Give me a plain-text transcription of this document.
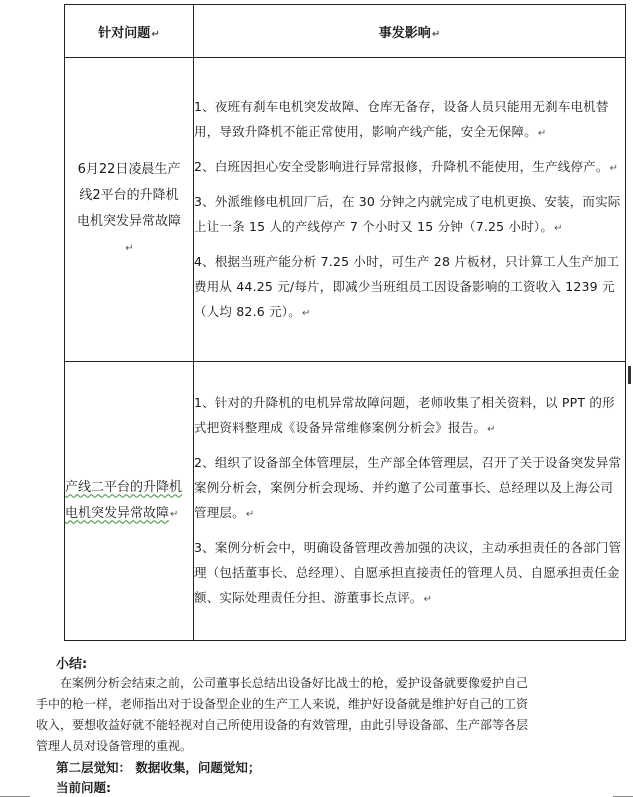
针对问题↵	事发影响↵
6月22日凌晨生产线2平台的升降机电机突发异常故障↵	1、夜班有刹车电机突发故障、仓库无备存，设备人员只能用无刹车电机替用，导致升降机不能正常使用，影响产线产能，安全无保障。↵

2、白班因担心安全受影响进行异常报修，升降机不能使用，生产线停产。↵

3、外派维修电机回厂后，在 30 分钟之内就完成了电机更换、安装，而实际上让一条 15 人的产线停产 7 个小时又 15 分钟（7.25 小时）。↵

4、根据当班产能分析 7.25 小时，可生产 28 片板材，只计算工人生产加工费用从 44.25 元/每片，即减少当班组员工因设备影响的工资收入 1239 元（人均 82.6 元）。↵

产线二平台的升降机电机突发异常故障↵	1、针对的升降机的电机异常故障问题，老师收集了相关资料，以 PPT 的形式把资料整理成《设备异常维修案例分析会》报告。↵

2、组织了设备部全体管理层，生产部全体管理层，召开了关于设备突发异常案例分析会，案例分析会现场、并约邀了公司董事长、总经理以及上海公司管理层。↵

3、案例分析会中，明确设备管理改善加强的决议，主动承担责任的各部门管理（包括董事长、总经理）、自愿承担直接责任的管理人员、自愿承担责任金额、实际处理责任分担、游董事长点评。↵

小结:
在案例分析会结束之前，公司董事长总结出设备好比战士的枪，爱护设备就要像爱护自己手中的枪一样，老师指出对于设备型企业的生产工人来说，维护好设备就是维护好自己的工资收入，要想收益好就不能轻视对自己所使用设备的有效管理，由此引导设备部、生产部等各层管理人员对设备管理的重视。
第二层觉知： 数据收集，问题觉知；
当前问题:
